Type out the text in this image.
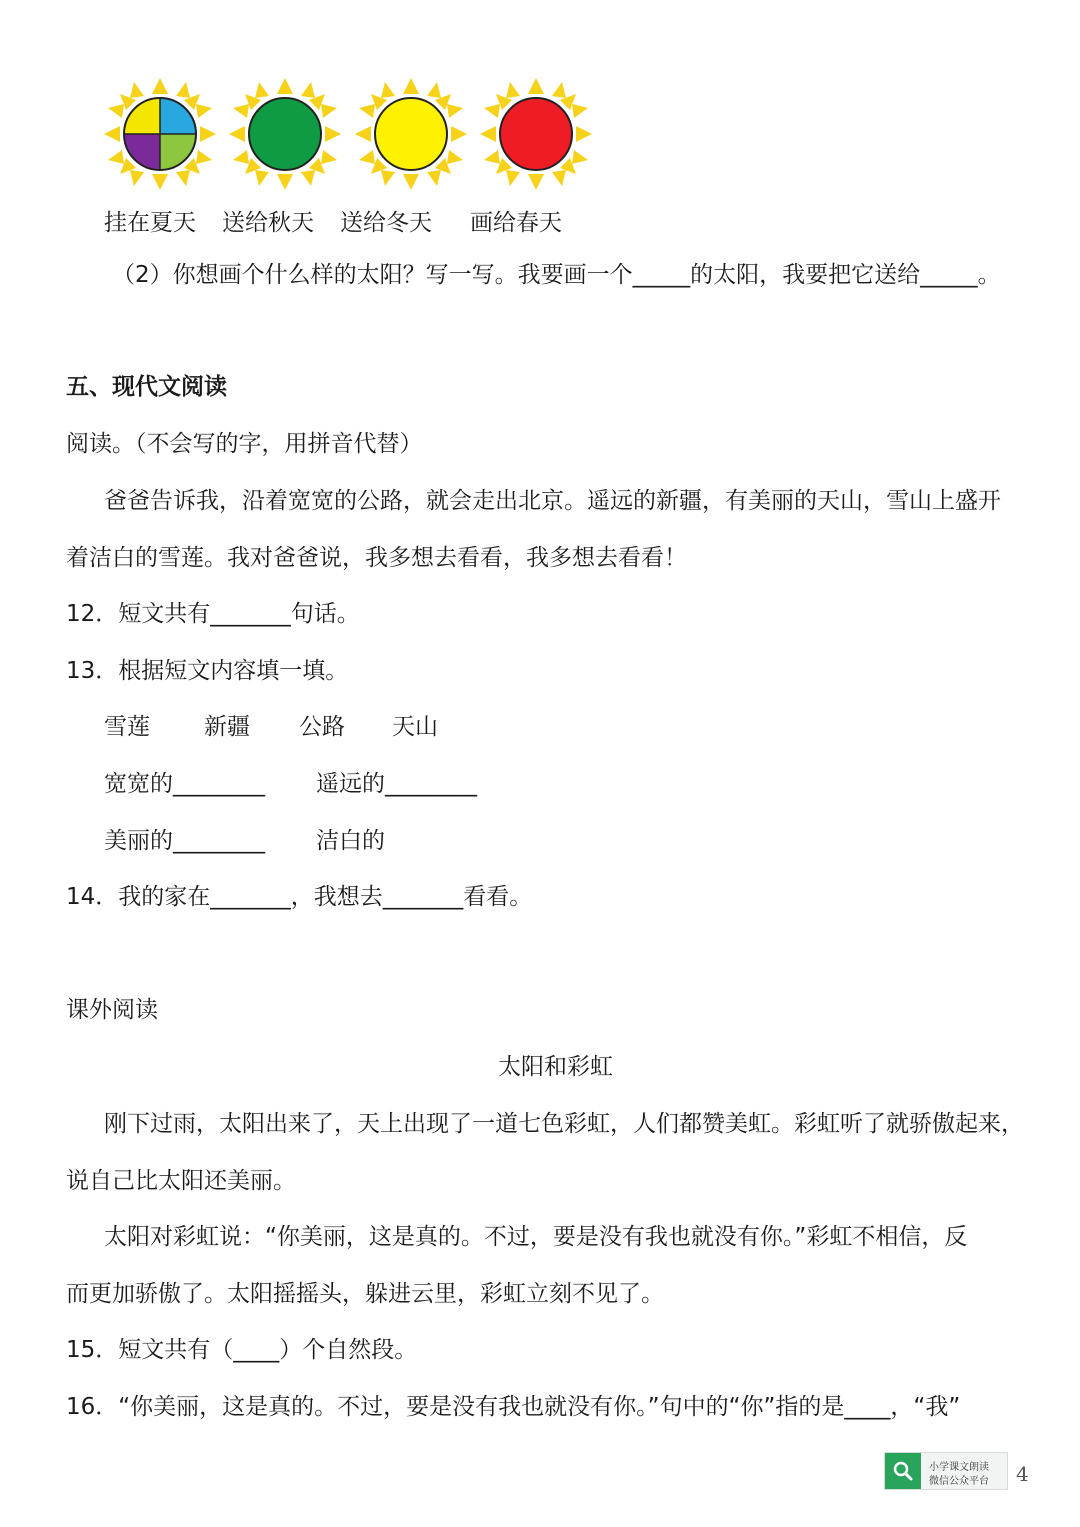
挂在夏天 送给秋天 送给冬天 画给春天
（2）你想画个什么样的太阳？写一写。我要画一个_____的太阳，我要把它送给_____。
五、现代文阅读
阅读。（不会写的字，用拼音代替）
爸爸告诉我，沿着宽宽的公路，就会走出北京。遥远的新疆，有美丽的天山，雪山上盛开
着洁白的雪莲。我对爸爸说，我多想去看看，我多想去看看！
12．短文共有_______句话。
13．根据短文内容填一填。
雪莲 新疆 公路 天山
宽宽的________ 遥远的________
美丽的________ 洁白的
14．我的家在_______，我想去_______看看。
课外阅读
太阳和彩虹
刚下过雨，太阳出来了，天上出现了一道七色彩虹，人们都赞美虹。彩虹听了就骄傲起来，
说自己比太阳还美丽。
太阳对彩虹说：“你美丽，这是真的。不过，要是没有我也就没有你。”彩虹不相信，反
而更加骄傲了。太阳摇摇头，躲进云里，彩虹立刻不见了。
15．短文共有（____）个自然段。
16．“你美丽，这是真的。不过，要是没有我也就没有你。”句中的“你”指的是____，“我”
小学课文朗读
微信公众平台 4
